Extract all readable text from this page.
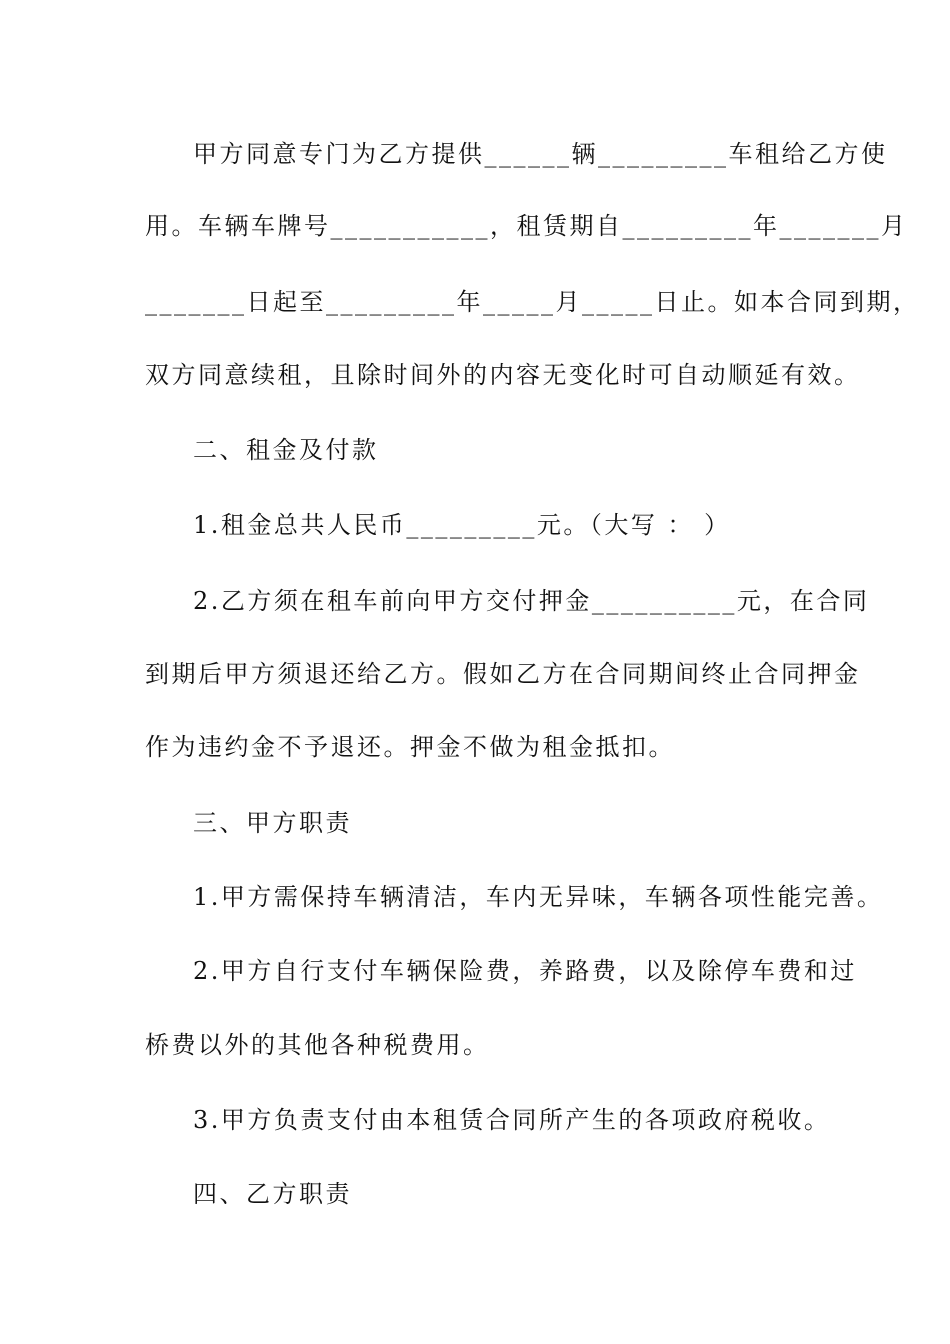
甲方同意专门为乙方提供______辆_________车租给乙方使
用。车辆车牌号___________，租赁期自_________年_______月
_______日起至_________年_____月_____日止。如本合同到期，
双方同意续租，且除时间外的内容无变化时可自动顺延有效。
二、租金及付款
1.租金总共人民币_________元。（大写 ： ）
2.乙方须在租车前向甲方交付押金__________元，在合同
到期后甲方须退还给乙方。假如乙方在合同期间终止合同押金
作为违约金不予退还。押金不做为租金抵扣。
三、甲方职责
1.甲方需保持车辆清洁，车内无异味，车辆各项性能完善。
2.甲方自行支付车辆保险费，养路费，以及除停车费和过
桥费以外的其他各种税费用。
3.甲方负责支付由本租赁合同所产生的各项政府税收。
四、乙方职责
